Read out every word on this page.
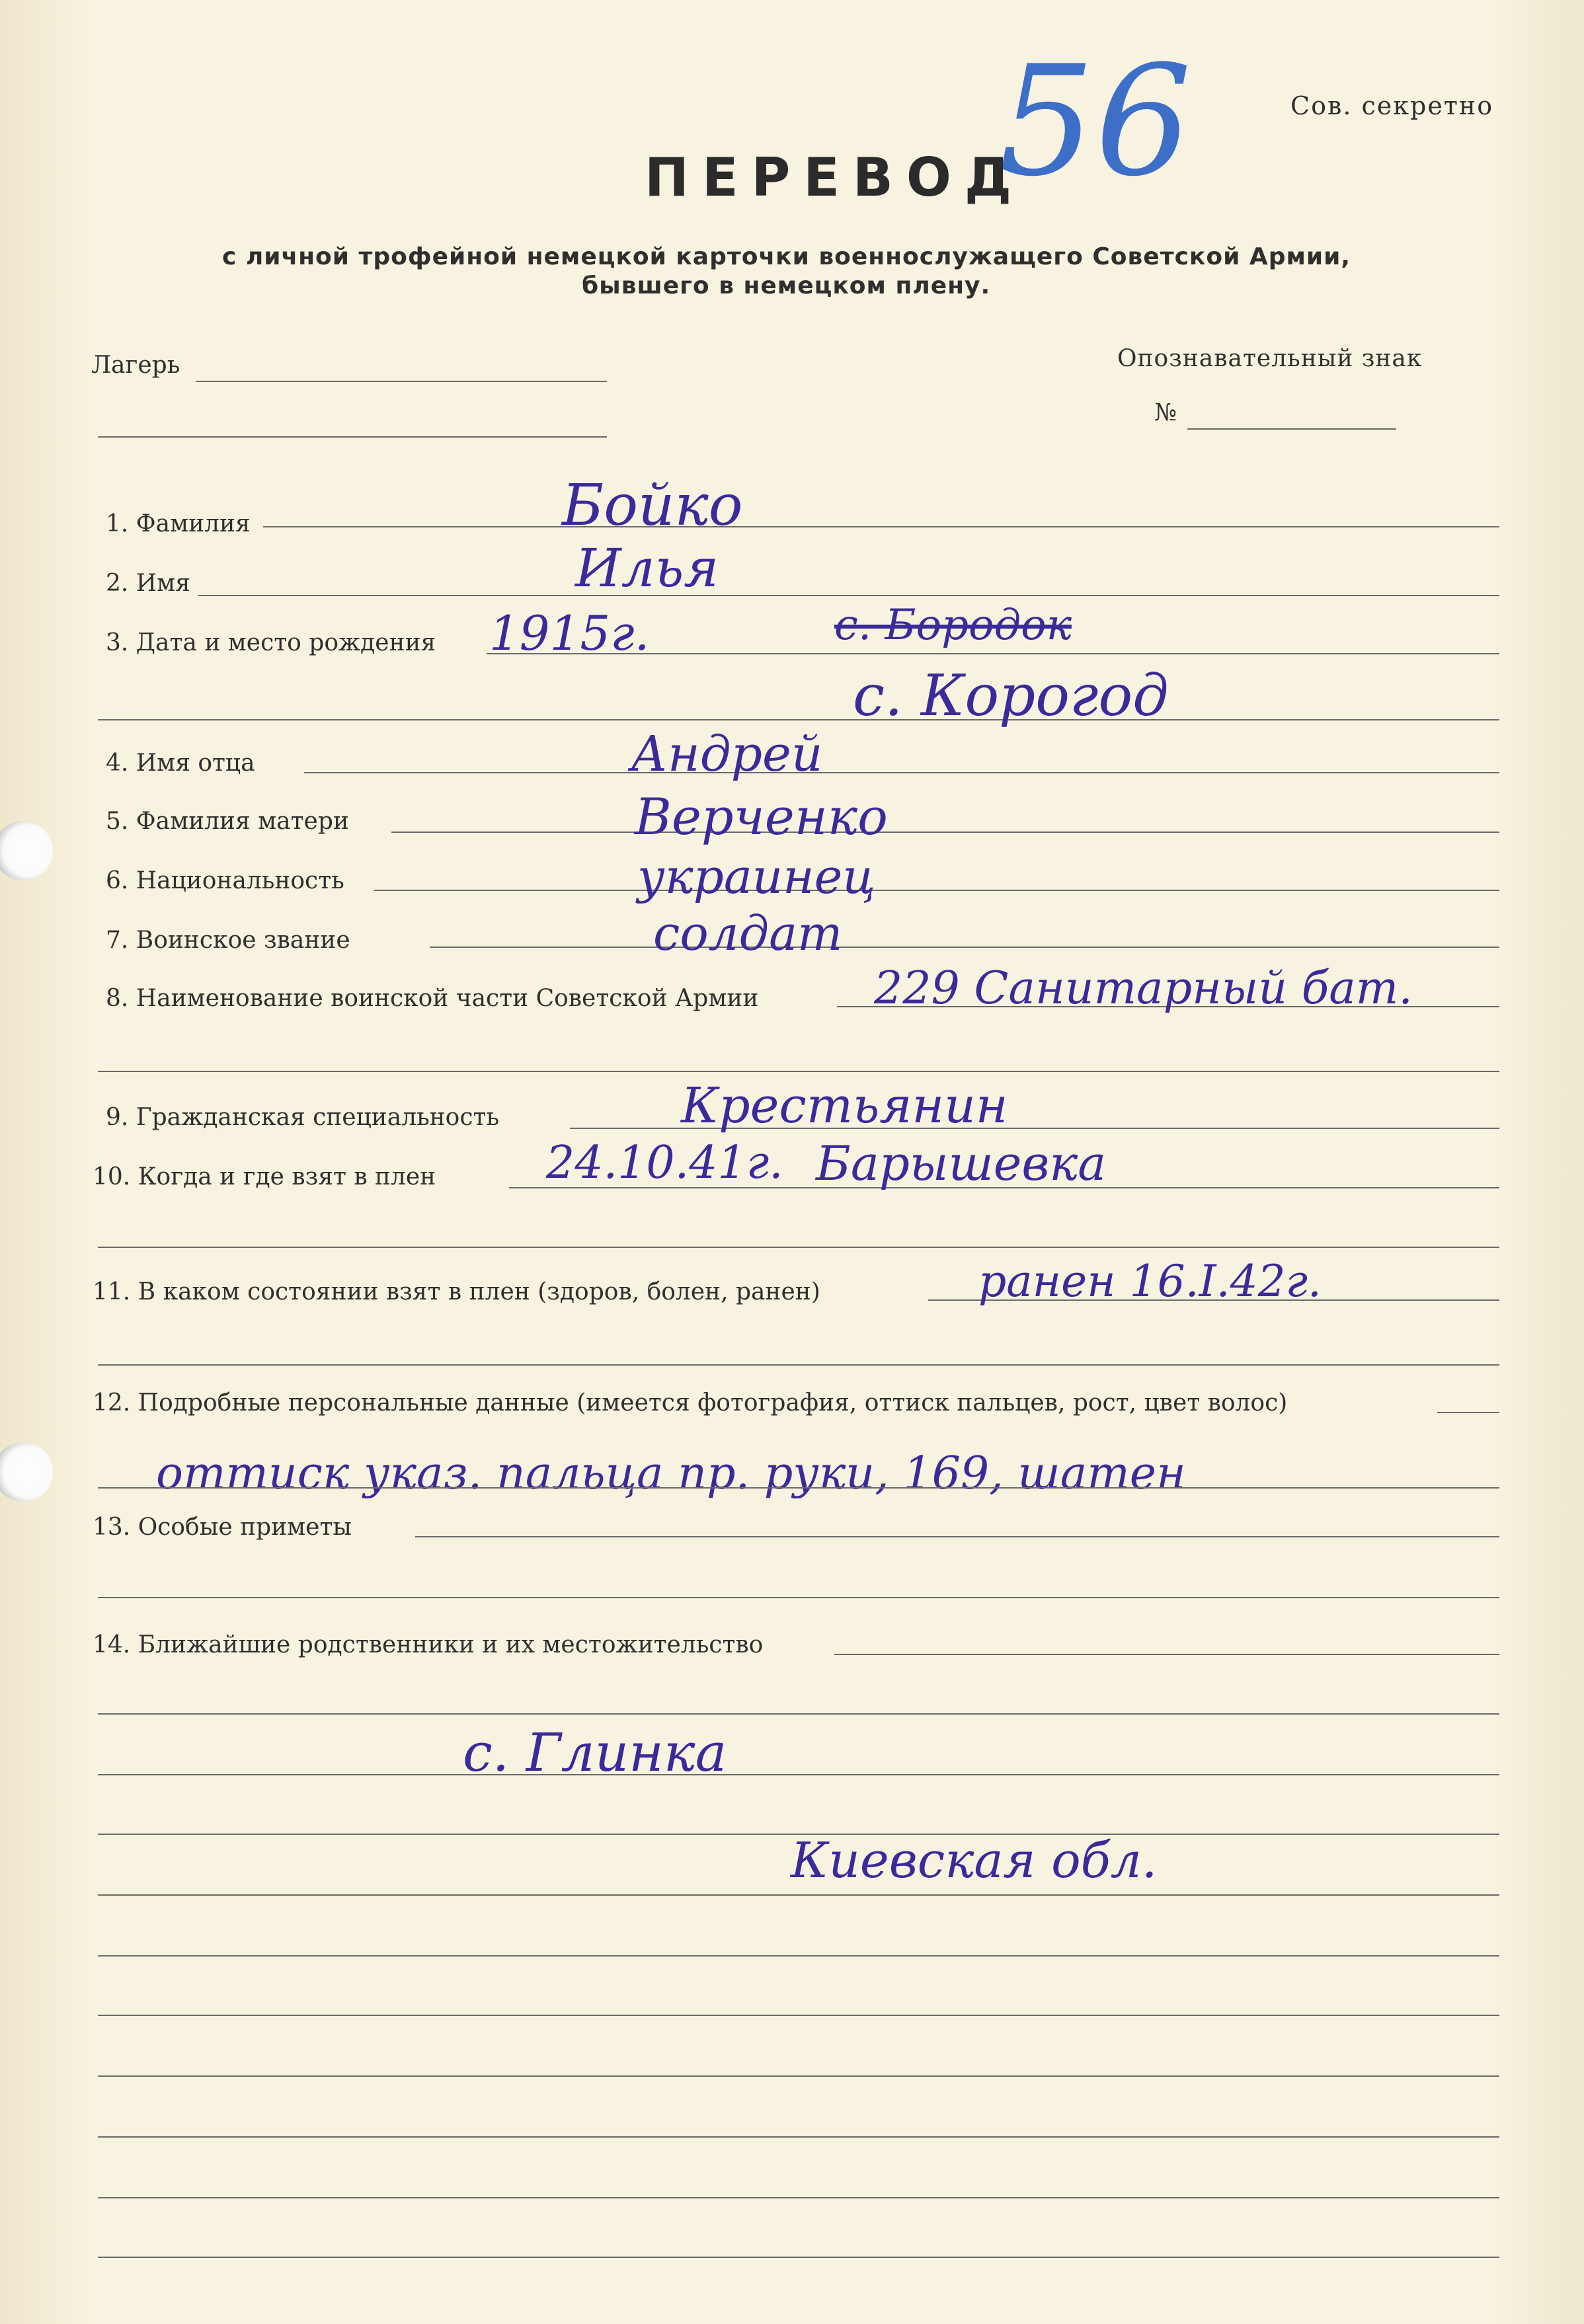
Сов. секретно
56
ПЕРЕВОД
с личной трофейной немецкой карточки военнослужащего Советской Армии,
бывшего в немецком плену.
Лагерь	Опознавательный знак
№
1. Фамилия	Бойко
2. Имя	Илья
3. Дата и место рождения 1915г.	с. Бородок
с. Корогод
4. Имя отца	Андрей
5. Фамилия матери	Верченко
6. Национальность	украинец
7. Воинское звание	солдат
8. Наименование воинской части Советской Армии	229 Санитарный бат.
9. Гражданская специальность	Крестьянин
10. Когда и где взят в плен 24.10.41г. Барышевка
11. В каком состоянии взят в плен (здоров, болен, ранен)	ранен 16.I.42г.
12. Подробные персональные данные (имеется фотография, оттиск пальцев, рост, цвет волос)
оттиск указ. пальца пр. руки, 169, шатен
13. Особые приметы
14. Ближайшие родственники и их местожительство
с. Глинка
Киевская обл.
